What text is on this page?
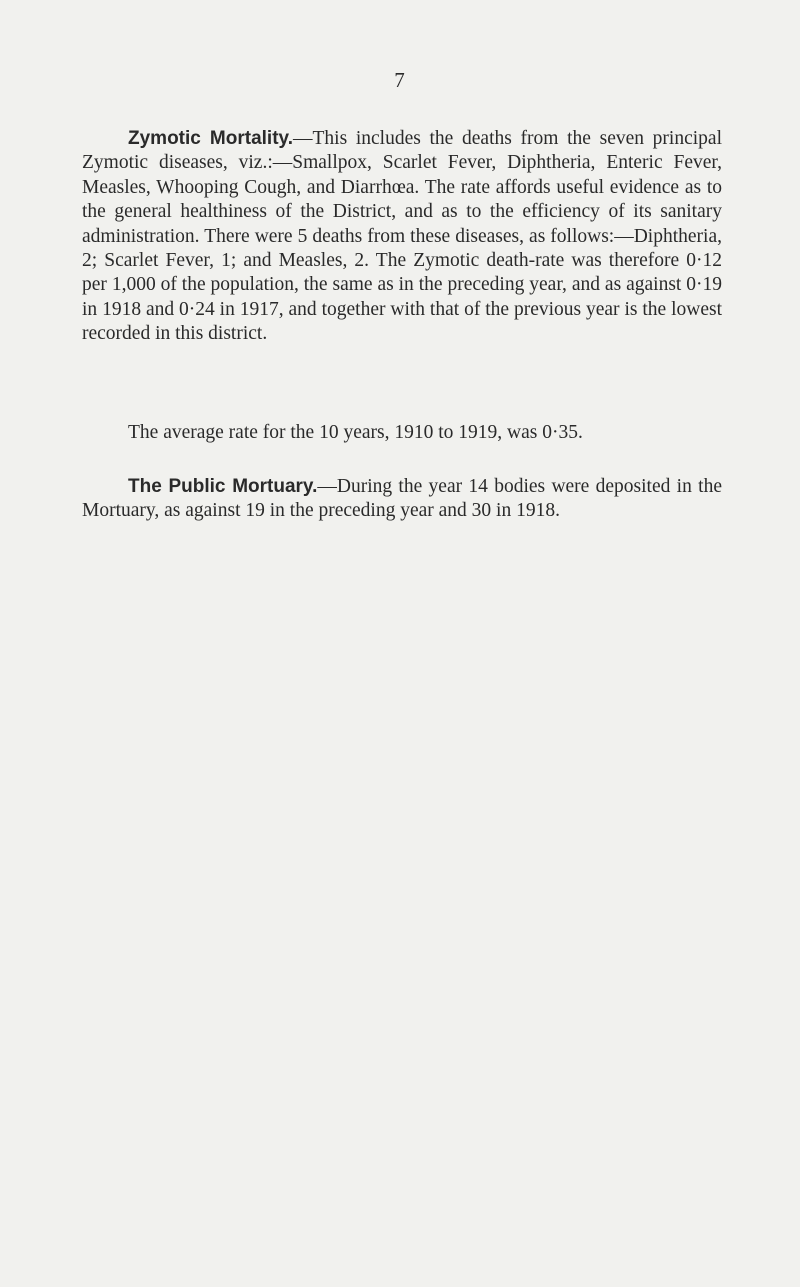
7

Zymotic Mortality.—This includes the deaths from the seven principal Zymotic diseases, viz.:—Smallpox, Scarlet Fever, Diphtheria, Enteric Fever, Measles, Whooping Cough, and Diarrhœa. The rate affords useful evidence as to the general healthiness of the District, and as to the efficiency of its sanitary administration. There were 5 deaths from these diseases, as follows:—Diphtheria, 2; Scarlet Fever, 1; and Measles, 2. The Zymotic death-rate was therefore 0·12 per 1,000 of the population, the same as in the preceding year, and as against 0·19 in 1918 and 0·24 in 1917, and together with that of the previous year is the lowest recorded in this district.

The average rate for the 10 years, 1910 to 1919, was 0·35.

The Public Mortuary.—During the year 14 bodies were deposited in the Mortuary, as against 19 in the preceding year and 30 in 1918.
